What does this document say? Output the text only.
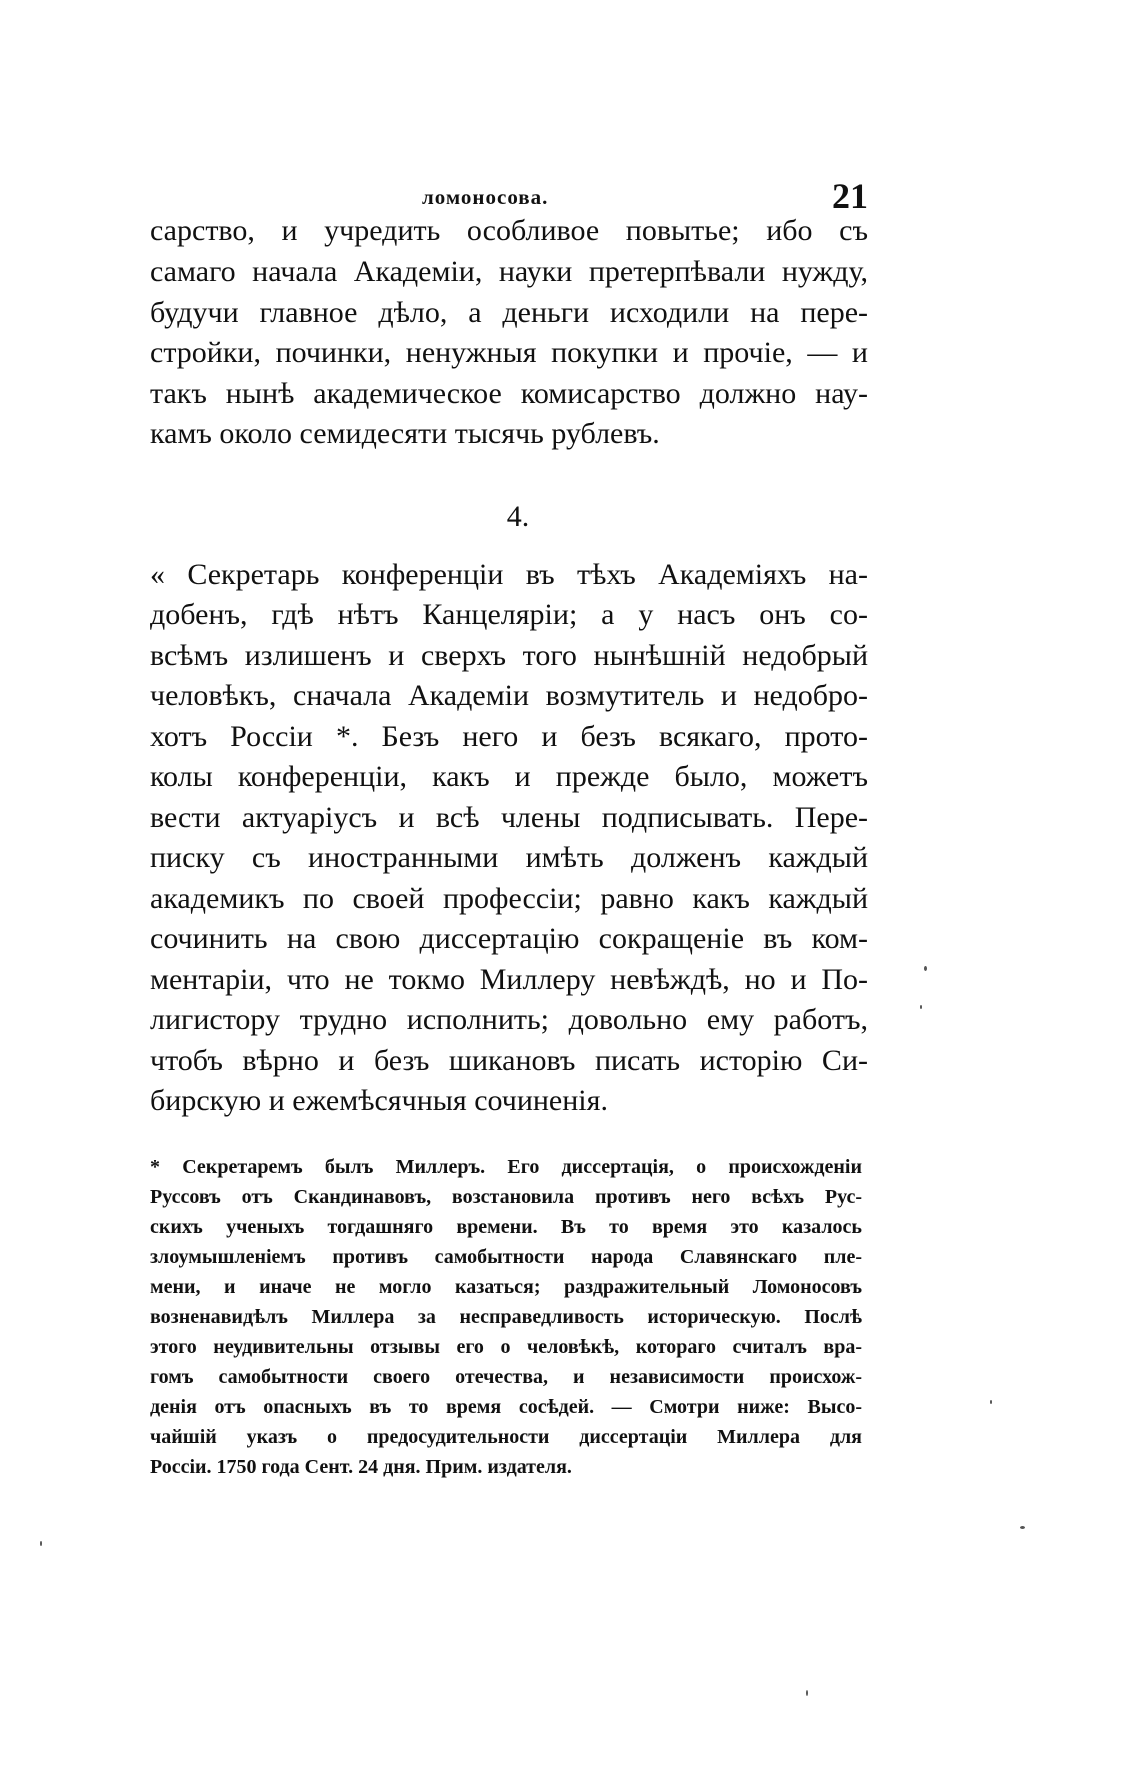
ломоносова.	21
сарство, и учредить особливое повытье; ибо съ
самаго начала Академіи, науки претерпѣвали нужду,
будучи главное дѣло, а деньги исходили на пере-
стройки, починки, ненужныя покупки и прочіе, — и
такъ нынѣ академическое комисарство должно нау-
камъ около семидесяти тысячь рублевъ.
4.
« Секретарь конференціи въ тѣхъ Академіяхъ на-
добенъ, гдѣ нѣтъ Канцеляріи; а у насъ онъ со-
всѣмъ излишенъ и сверхъ того нынѣшній недобрый
человѣкъ, сначала Академіи возмутитель и недобро-
хотъ Россіи *. Безъ него и безъ всякаго, прото-
колы конференціи, какъ и прежде было, можетъ
вести актуаріусъ и всѣ члены подписывать. Пере-
писку съ иностранными имѣть долженъ каждый
академикъ по своей профессіи; равно какъ каждый
сочинить на свою диссертацію сокращеніе въ ком-
ментаріи, что не токмо Миллеру невѣждѣ, но и По-
лигистору трудно исполнить; довольно ему работъ,
чтобъ вѣрно и безъ шикановъ писать исторію Си-
бирскую и ежемѣсячныя сочиненія.
* Секретаремъ былъ Миллеръ. Его диссертація, о происхожденіи
Руссовъ отъ Скандинавовъ, возстановила противъ него всѣхъ Рус-
скихъ ученыхъ тогдашняго времени. Въ то время это казалось
злоумышленіемъ противъ самобытности народа Славянскаго пле-
мени, и иначе не могло казаться; раздражительный Ломоносовъ
возненавидѣлъ Миллера за несправедливость историческую. Послѣ
этого неудивительны отзывы его о человѣкѣ, котораго считалъ вра-
гомъ самобытности своего отечества, и независимости происхож-
денія отъ опасныхъ въ то время сосѣдей. — Смотри ниже: Высо-
чайшій указъ о предосудительности диссертаціи Миллера для
Россіи. 1750 года Сент. 24 дня. Прим. издателя.
